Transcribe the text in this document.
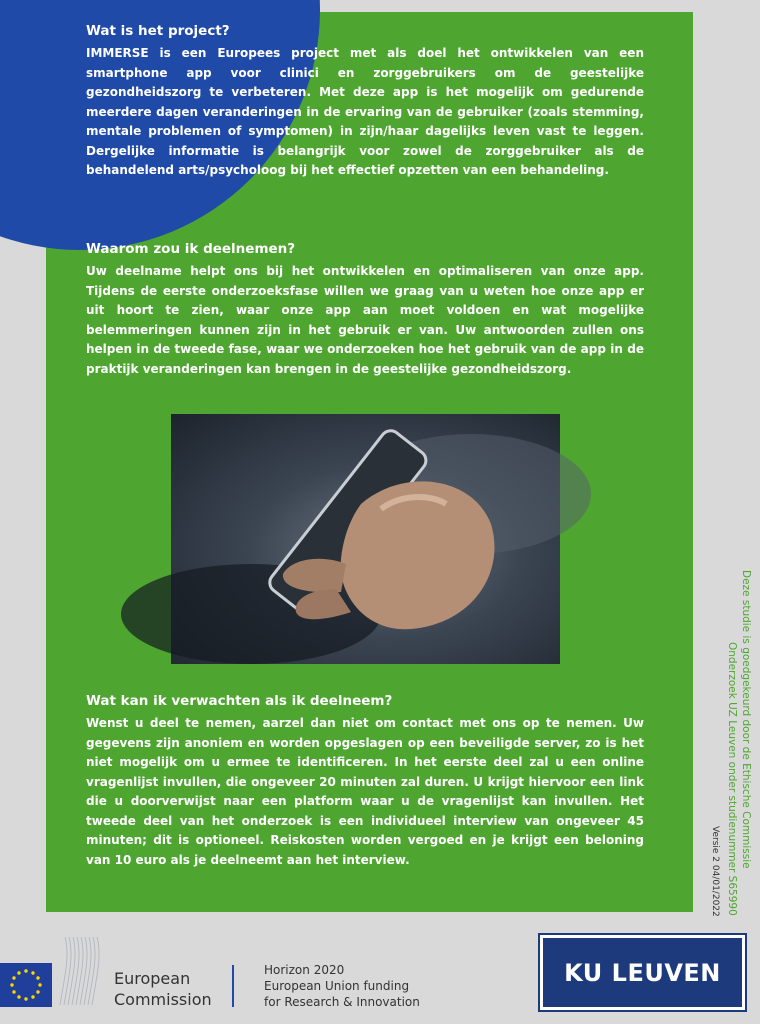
Wat is het project?

IMMERSE is een Europees project met als doel het ontwikkelen van een smartphone app voor clinici en zorggebruikers om de geestelijke gezondheidszorg te verbeteren. Met deze app is het mogelijk om gedurende meerdere dagen veranderingen in de ervaring van de gebruiker (zoals stemming, mentale problemen of symptomen) in zijn/haar dagelijks leven vast te leggen. Dergelijke informatie is belangrijk voor zowel de zorggebruiker als de behandelend arts/psycholoog bij het effectief opzetten van een behandeling.

Waarom zou ik deelnemen?

Uw deelname helpt ons bij het ontwikkelen en optimaliseren van onze app. Tijdens de eerste onderzoeksfase willen we graag van u weten hoe onze app er uit hoort te zien, waar onze app aan moet voldoen en wat mogelijke belemmeringen kunnen zijn in het gebruik er van. Uw antwoorden zullen ons helpen in de tweede fase, waar we onderzoeken hoe het gebruik van de app in de praktijk veranderingen kan brengen in de geestelijke gezondheidszorg.

Wat kan ik verwachten als ik deelneem?

Wenst u deel te nemen, aarzel dan niet om contact met ons op te nemen. Uw gegevens zijn anoniem en worden opgeslagen op een beveiligde server, zo is het niet mogelijk om u ermee te identificeren. In het eerste deel zal u een online vragenlijst invullen, die ongeveer 20 minuten zal duren. U krijgt hiervoor een link die u doorverwijst naar een platform waar u de vragenlijst kan invullen. Het tweede deel van het onderzoek is een individueel interview van ongeveer 45 minuten; dit is optioneel. Reiskosten worden vergoed en je krijgt een beloning van 10 euro als je deelneemt aan het interview.	Deze studie is goedgekeurd door de Ethische Commissie
Onderzoek UZ Leuven onder studienummer S65990
Versie 2 04/01/2022
European
Commission
Horizon 2020
European Union funding
for Research & Innovation
KU LEUVEN
